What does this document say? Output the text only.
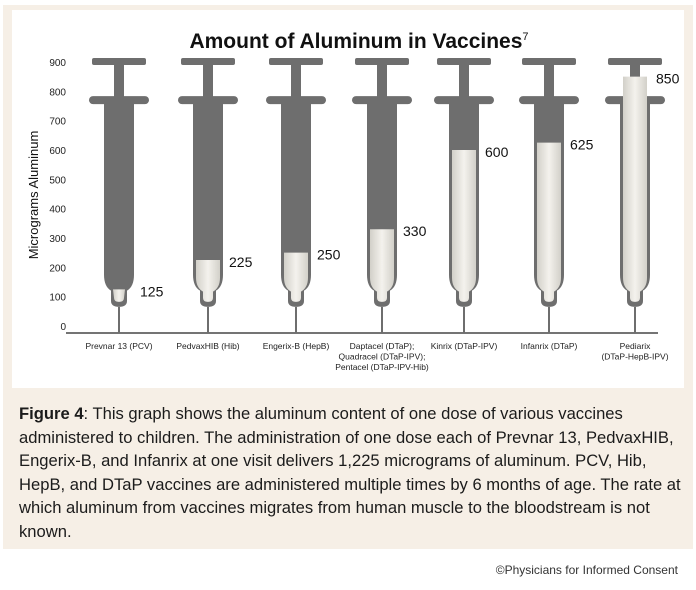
Amount of Aluminum in Vaccines$^7$
Micrograms Aluminum
0
100
200
300
400
500
600
700
800
900
125
225	250
330
600	625
850
Prevnar 13 (PCV)	PedvaxHIB (Hib)	Engerix-B (HepB)	Daptacel (DTaP); Quadracel (DTaP-IPV); Pentacel (DTaP-IPV-Hib)
Kinrix (DTaP-IPV)	Infanrix (DTaP)	Pediarix (DTaP-HepB-IPV)

Figure 4: This graph shows the aluminum content of one dose of various vaccines administered to children. The administration of one dose each of Prevnar 13, PedvaxHIB, Engerix-B, and Infanrix at one visit delivers 1,225 micrograms of aluminum. PCV, Hib, HepB, and DTaP vaccines are administered multiple times by 6 months of age. The rate at which aluminum from vaccines migrates from human muscle to the bloodstream is not known.

©Physicians for Informed Consent
